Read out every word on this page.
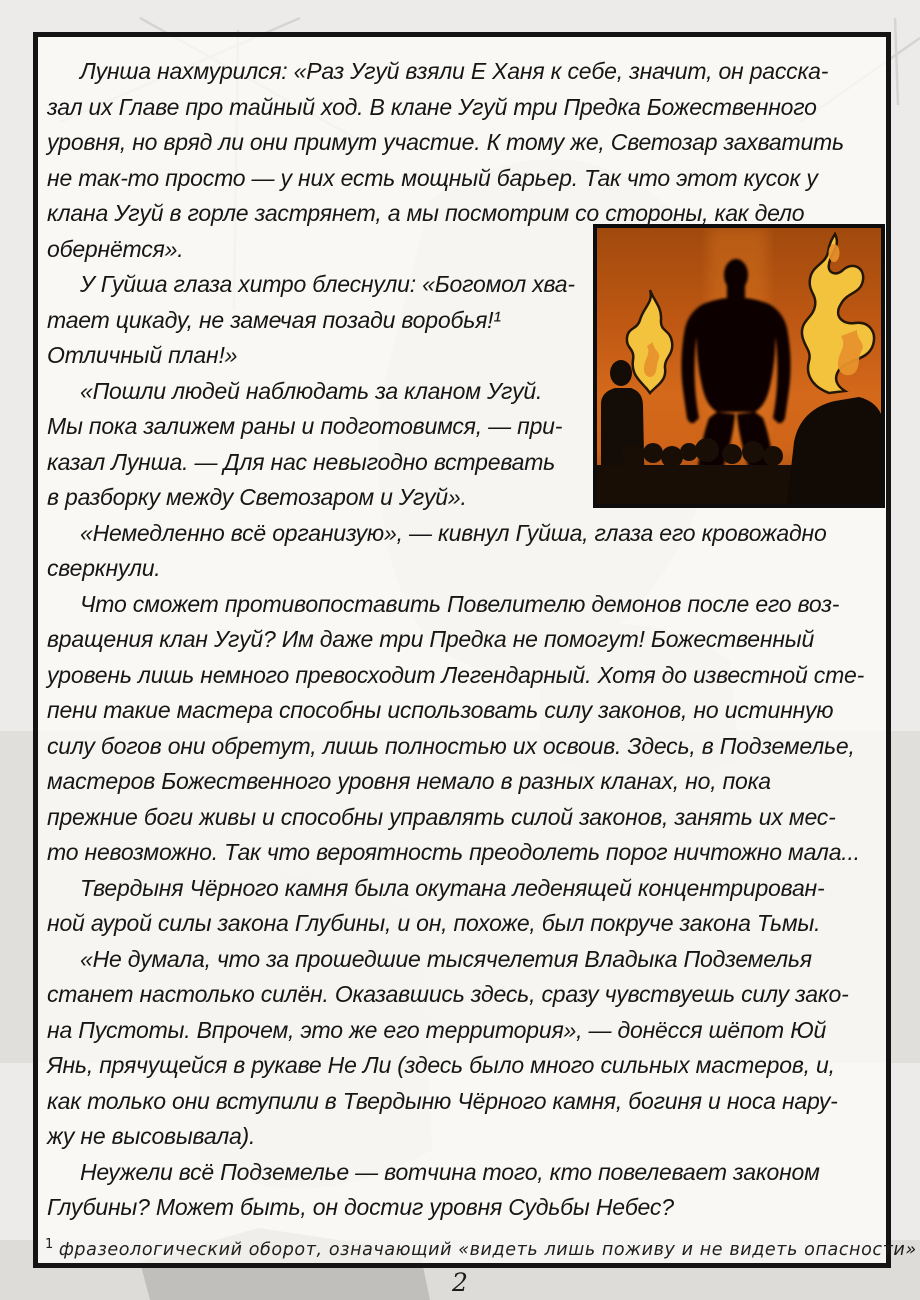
Лунша нахмурился: «Раз Угуй взяли Е Ханя к себе, значит, он расска-
зал их Главе про тайный ход. В клане Угуй три Предка Божественного
уровня, но вряд ли они примут участие. К тому же, Светозар захватить
не так-то просто — у них есть мощный барьер. Так что этот кусок у
клана Угуй в горле застрянет, а мы посмотрим со стороны, как дело
обернётся».
У Гуйша глаза хитро блеснули: «Богомол хва-
тает цикаду, не замечая позади воробья!¹
Отличный план!»
«Пошли людей наблюдать за кланом Угуй.
Мы пока залижем раны и подготовимся, — при-
казал Лунша. — Для нас невыгодно встревать
в разборку между Светозаром и Угуй».
«Немедленно всё организую», — кивнул Гуйша, глаза его кровожадно
сверкнули.
Что сможет противопоставить Повелителю демонов после его воз-
вращения клан Угуй? Им даже три Предка не помогут! Божественный
уровень лишь немного превосходит Легендарный. Хотя до известной сте-
пени такие мастера способны использовать силу законов, но истинную
силу богов они обретут, лишь полностью их освоив. Здесь, в Подземелье,
мастеров Божественного уровня немало в разных кланах, но, пока
прежние боги живы и способны управлять силой законов, занять их мес-
то невозможно. Так что вероятность преодолеть порог ничтожно мала...
Твердыня Чёрного камня была окутана леденящей концентрирован-
ной аурой силы закона Глубины, и он, похоже, был покруче закона Тьмы.
«Не думала, что за прошедшие тысячелетия Владыка Подземелья
станет настолько силён. Оказавшись здесь, сразу чувствуешь силу зако-
на Пустоты. Впрочем, это же его территория», — донёсся шёпот Юй
Янь, прячущейся в рукаве Не Ли (здесь было много сильных мастеров, и,
как только они вступили в Твердыню Чёрного камня, богиня и носа нару-
жу не высовывала).
Неужели всё Подземелье — вотчина того, кто повелевает законом
Глубины? Может быть, он достиг уровня Судьбы Небес?
$^1$ фразеологический оборот, означающий «видеть лишь поживу и не видеть опасности»
2
